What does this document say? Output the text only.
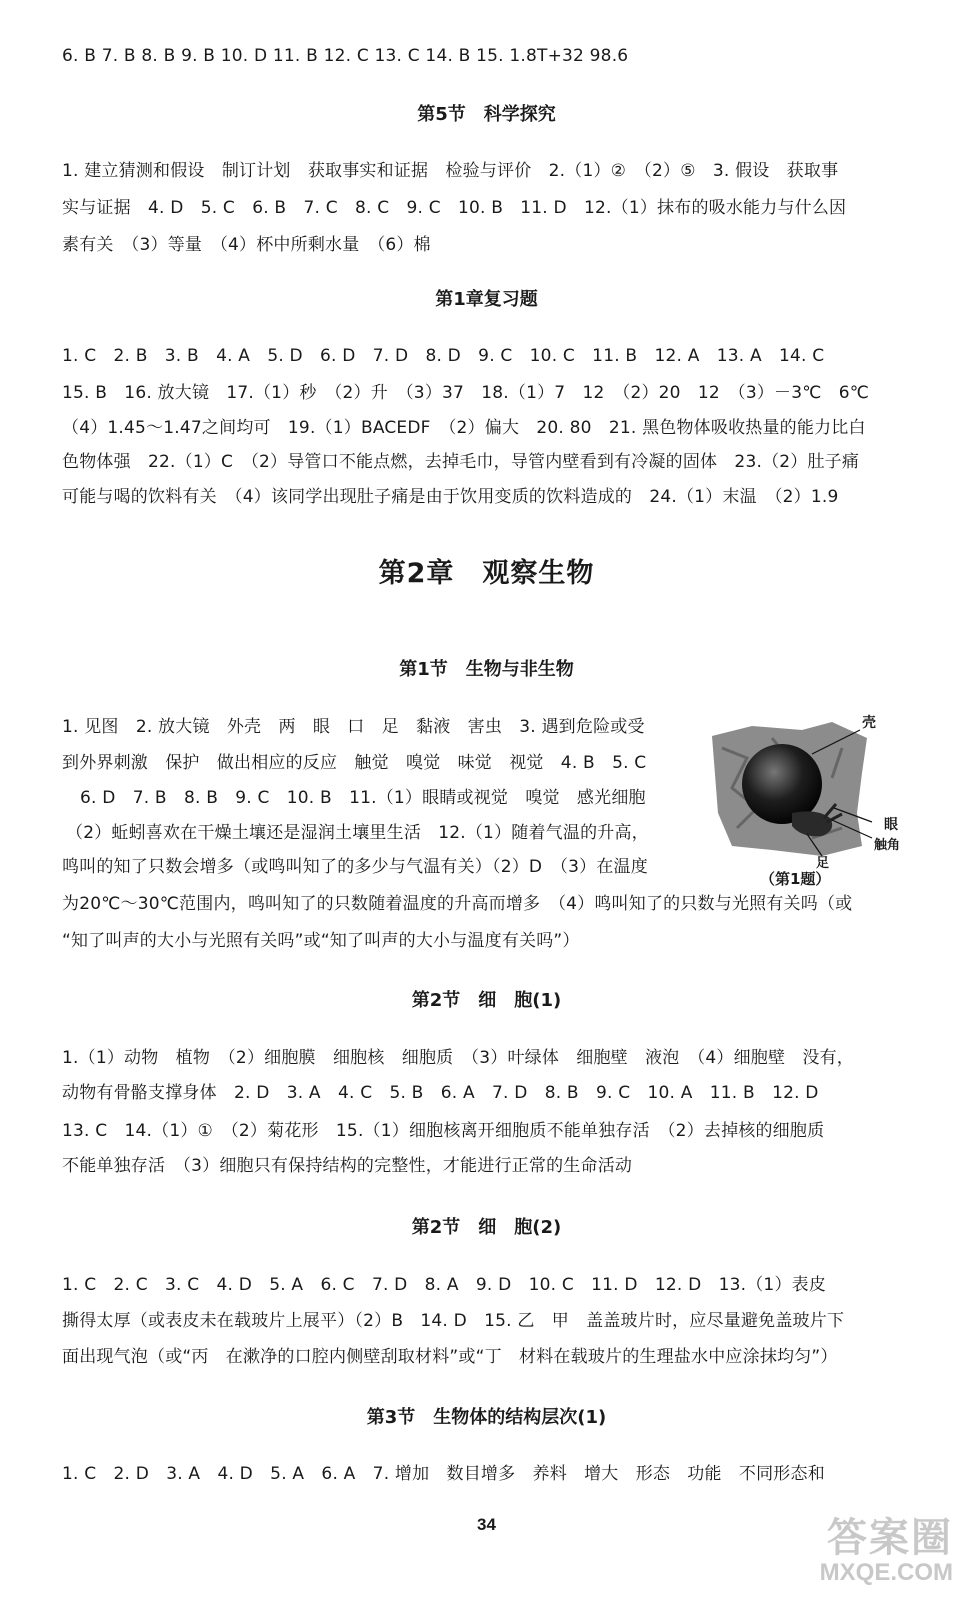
6. B 7. B 8. B 9. B 10. D 11. B 12. C 13. C 14. B 15. 1.8T+32 98.6
第5节　科学探究
1. 建立猜测和假设　制订计划　获取事实和证据　检验与评价　2.（1）②　（2）⑤　3. 假设　获取事
实与证据　4. D　5. C　6. B　7. C　8. C　9. C　10. B　11. D　12.（1）抹布的吸水能力与什么因
素有关　（3）等量　（4）杯中所剩水量　（6）棉
第1章复习题
1. C　2. B　3. B　4. A　5. D　6. D　7. D　8. D　9. C　10. C　11. B　12. A　13. A　14. C
15. B　16. 放大镜　17.（1）秒　（2）升　（3）37　18.（1）7　12　（2）20　12　（3）－3℃　6℃
（4）1.45～1.47之间均可　19.（1）BACEDF　（2）偏大　20. 80　21. 黑色物体吸收热量的能力比白
色物体强　22.（1）C　（2）导管口不能点燃，去掉毛巾，导管内壁看到有冷凝的固体　23.（2）肚子痛
可能与喝的饮料有关　（4）该同学出现肚子痛是由于饮用变质的饮料造成的　24.（1）末温　（2）1.9
第2章　观察生物
第1节　生物与非生物
1. 见图　2. 放大镜　外壳　两　眼　口　足　黏液　害虫　3. 遇到危险或受
到外界刺激　保护　做出相应的反应　触觉　嗅觉　味觉　视觉　4. B　5. C
6. D　7. B　8. B　9. C　10. B　11.（1）眼睛或视觉　嗅觉　感光细胞
（2）蚯蚓喜欢在干燥土壤还是湿润土壤里生活　12.（1）随着气温的升高，
鸣叫的知了只数会增多（或鸣叫知了的多少与气温有关）（2）D　（3）在温度
为20℃～30℃范围内，鸣叫知了的只数随着温度的升高而增多　（4）鸣叫知了的只数与光照有关吗（或
“知了叫声的大小与光照有关吗”或“知了叫声的大小与温度有关吗”）
壳
眼
触角
足
（第1题）
第2节　细　胞(1)
1.（1）动物　植物　（2）细胞膜　细胞核　细胞质　（3）叶绿体　细胞壁　液泡　（4）细胞壁　没有，
动物有骨骼支撑身体　2. D　3. A　4. C　5. B　6. A　7. D　8. B　9. C　10. A　11. B　12. D
13. C　14.（1）①　（2）菊花形　15.（1）细胞核离开细胞质不能单独存活　（2）去掉核的细胞质
不能单独存活　（3）细胞只有保持结构的完整性，才能进行正常的生命活动
第2节　细　胞(2)
1. C　2. C　3. C　4. D　5. A　6. C　7. D　8. A　9. D　10. C　11. D　12. D　13.（1）表皮
撕得太厚（或表皮未在载玻片上展平）（2）B　14. D　15. 乙　甲　盖盖玻片时，应尽量避免盖玻片下
面出现气泡（或“丙　在漱净的口腔内侧壁刮取材料”或“丁　材料在载玻片的生理盐水中应涂抹均匀”）
第3节　生物体的结构层次(1)
1. C　2. D　3. A　4. D　5. A　6. A　7. 增加　数目增多　养料　增大　形态　功能　不同形态和
34	答案圈
MXQE.COM
